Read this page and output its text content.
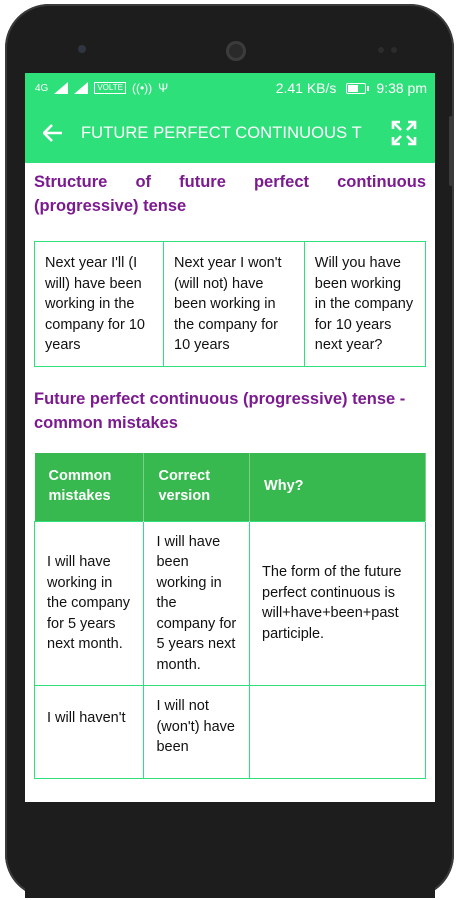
4G	VOLTE ((•)) Ψ	2.41 KB/s	9:38 pm
FUTURE PERFECT CONTINUOUS T
Structure of future perfect continuous
(progressive) tense
Next year I'll (I will) have been working in the company for 10 years	Next year I won't (will not) have been working in the company for 10 years	Will you have been working in the company for 10 years next year?
Future perfect continuous (progressive) tense - common mistakes
Common mistakes	Correct version	Why?
I will have working in the company for 5 years next month.	I will have been working in the company for 5 years next month.	The form of the future perfect continuous is will+have+been+past participle.
I will haven't	I will not (won't) have been	
